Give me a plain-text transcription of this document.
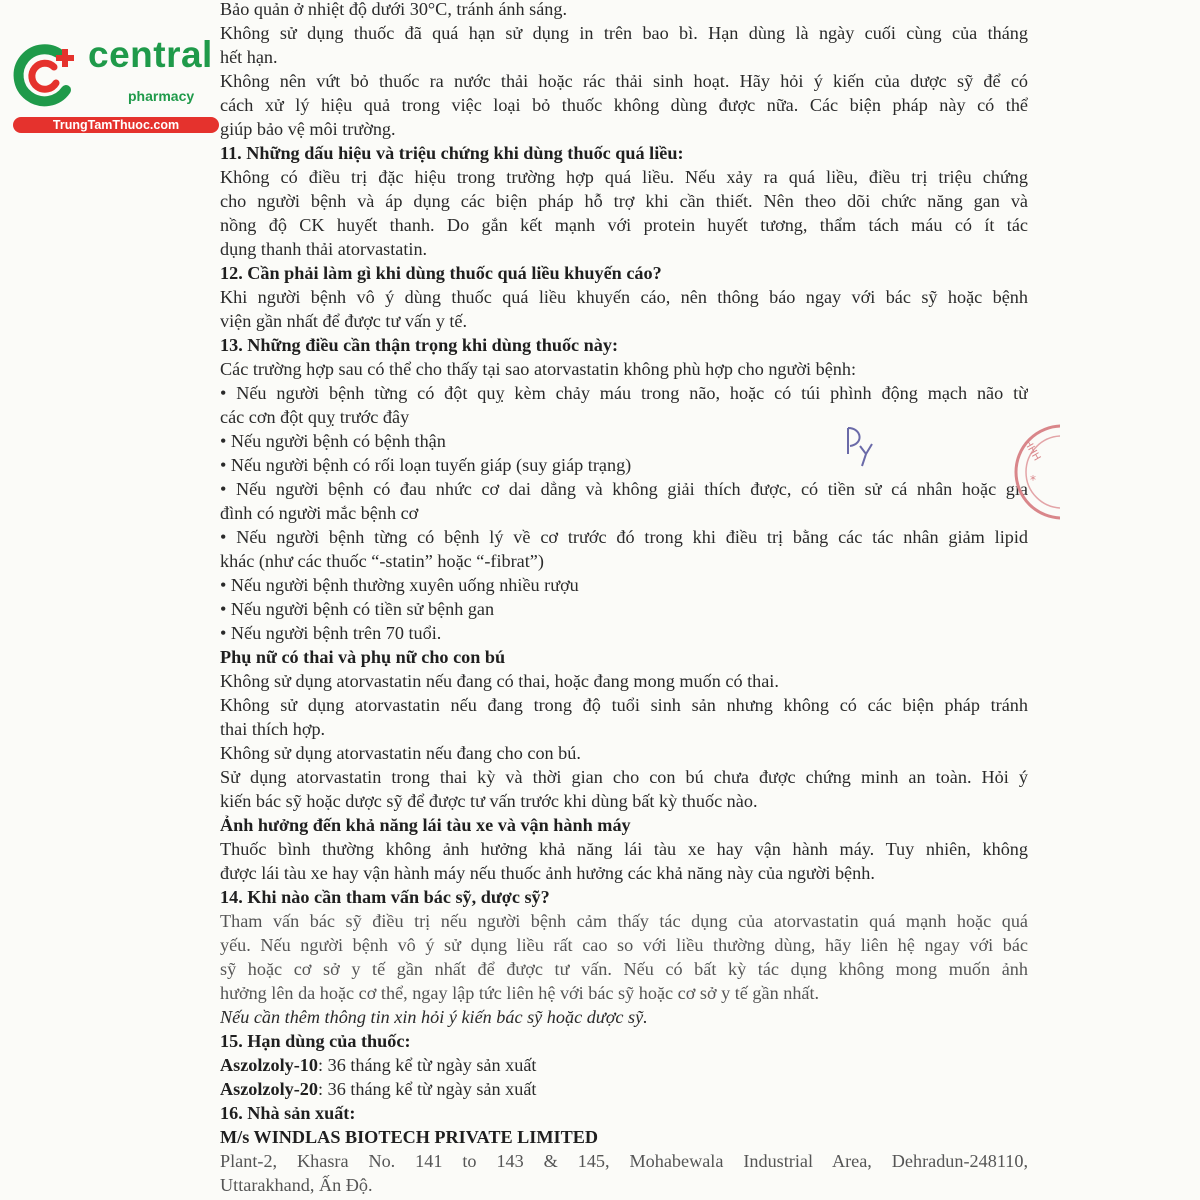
central
pharmacy
TrungTamThuoc.com
Bảo quản ở nhiệt độ dưới 30°C, tránh ánh sáng.
Không sử dụng thuốc đã quá hạn sử dụng in trên bao bì. Hạn dùng là ngày cuối cùng của tháng
hết hạn.
Không nên vứt bỏ thuốc ra nước thải hoặc rác thải sinh hoạt. Hãy hỏi ý kiến của dược sỹ để có
cách xử lý hiệu quả trong việc loại bỏ thuốc không dùng được nữa. Các biện pháp này có thể
giúp bảo vệ môi trường.
11. Những dấu hiệu và triệu chứng khi dùng thuốc quá liều:
Không có điều trị đặc hiệu trong trường hợp quá liều. Nếu xảy ra quá liều, điều trị triệu chứng
cho người bệnh và áp dụng các biện pháp hỗ trợ khi cần thiết. Nên theo dõi chức năng gan và
nồng độ CK huyết thanh. Do gắn kết mạnh với protein huyết tương, thẩm tách máu có ít tác
dụng thanh thải atorvastatin.
12. Cần phải làm gì khi dùng thuốc quá liều khuyến cáo?
Khi người bệnh vô ý dùng thuốc quá liều khuyến cáo, nên thông báo ngay với bác sỹ hoặc bệnh
viện gần nhất để được tư vấn y tế.
13. Những điều cần thận trọng khi dùng thuốc này:
Các trường hợp sau có thể cho thấy tại sao atorvastatin không phù hợp cho người bệnh:
• Nếu người bệnh từng có đột quỵ kèm chảy máu trong não, hoặc có túi phình động mạch não từ
các cơn đột quỵ trước đây
• Nếu người bệnh có bệnh thận
• Nếu người bệnh có rối loạn tuyến giáp (suy giáp trạng)
• Nếu người bệnh có đau nhức cơ dai dẳng và không giải thích được, có tiền sử cá nhân hoặc gia
đình có người mắc bệnh cơ
• Nếu người bệnh từng có bệnh lý về cơ trước đó trong khi điều trị bằng các tác nhân giảm lipid
khác (như các thuốc “-statin” hoặc “-fibrat”)
• Nếu người bệnh thường xuyên uống nhiều rượu
• Nếu người bệnh có tiền sử bệnh gan
• Nếu người bệnh trên 70 tuổi.
Phụ nữ có thai và phụ nữ cho con bú
Không sử dụng atorvastatin nếu đang có thai, hoặc đang mong muốn có thai.
Không sử dụng atorvastatin nếu đang trong độ tuổi sinh sản nhưng không có các biện pháp tránh
thai thích hợp.
Không sử dụng atorvastatin nếu đang cho con bú.
Sử dụng atorvastatin trong thai kỳ và thời gian cho con bú chưa được chứng minh an toàn. Hỏi ý
kiến bác sỹ hoặc dược sỹ để được tư vấn trước khi dùng bất kỳ thuốc nào.
Ảnh hưởng đến khả năng lái tàu xe và vận hành máy
Thuốc bình thường không ảnh hưởng khả năng lái tàu xe hay vận hành máy. Tuy nhiên, không
được lái tàu xe hay vận hành máy nếu thuốc ảnh hưởng các khả năng này của người bệnh.
14. Khi nào cần tham vấn bác sỹ, dược sỹ?
Tham vấn bác sỹ điều trị nếu người bệnh cảm thấy tác dụng của atorvastatin quá mạnh hoặc quá
yếu. Nếu người bệnh vô ý sử dụng liều rất cao so với liều thường dùng, hãy liên hệ ngay với bác
sỹ hoặc cơ sở y tế gần nhất để được tư vấn. Nếu có bất kỳ tác dụng không mong muốn ảnh
hưởng lên da hoặc cơ thể, ngay lập tức liên hệ với bác sỹ hoặc cơ sở y tế gần nhất.
Nếu cần thêm thông tin xin hỏi ý kiến bác sỹ hoặc dược sỹ.
15. Hạn dùng của thuốc:
Aszolzoly-10: 36 tháng kể từ ngày sản xuất
Aszolzoly-20: 36 tháng kể từ ngày sản xuất
16. Nhà sản xuất:
M/s WINDLAS BIOTECH PRIVATE LIMITED
Plant-2, Khasra No. 141 to 143 & 145, Mohabewala Industrial Area, Dehradun-248110,
Uttarakhand, Ấn Độ.
HHH
*
